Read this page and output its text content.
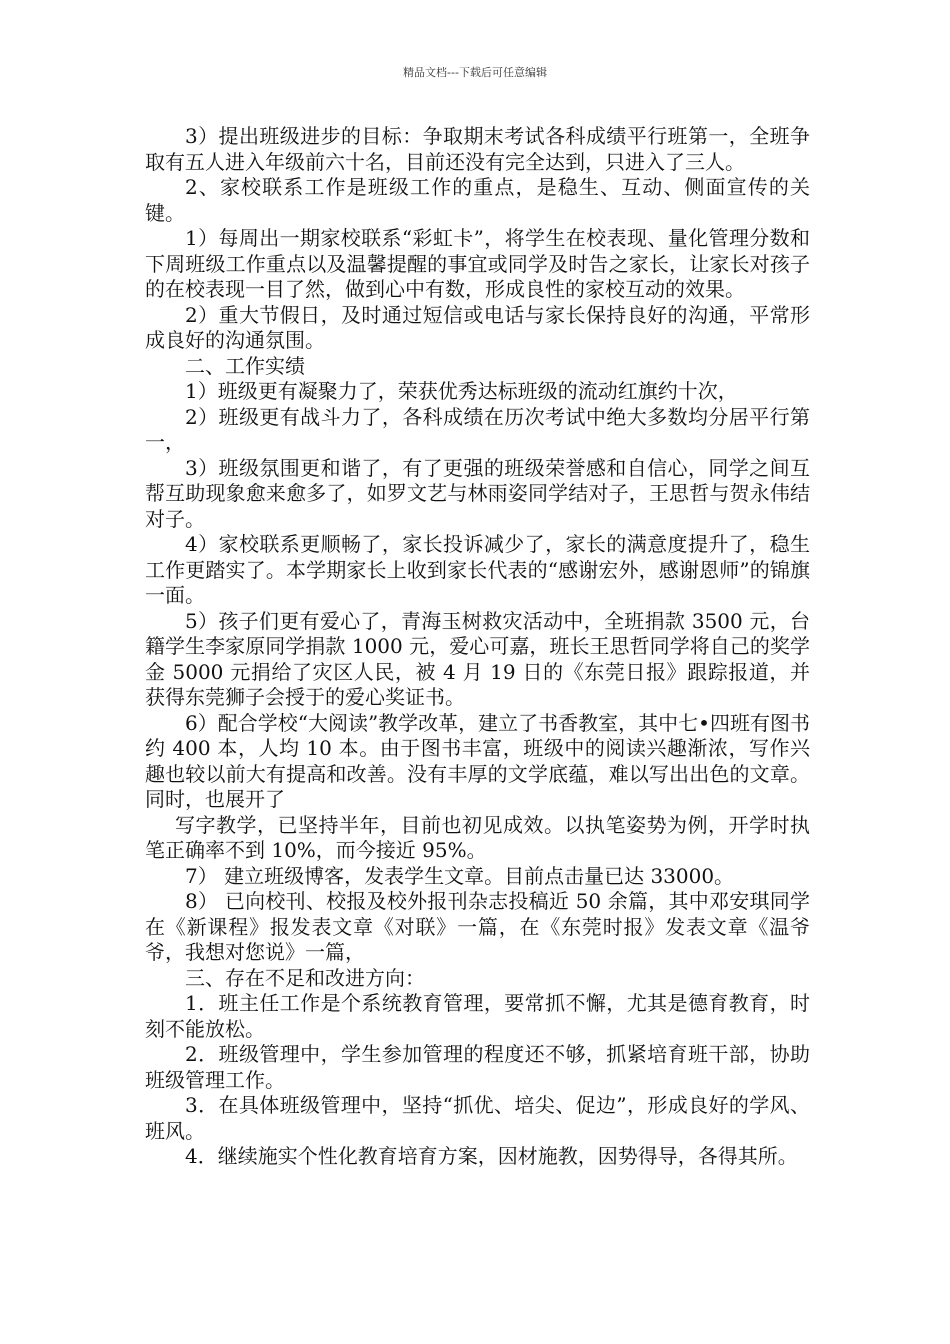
精品文档---下载后可任意编辑

3）提出班级进步的目标：争取期末考试各科成绩平行班第一，全班争取有五人进入年级前六十名，目前还没有完全达到，只进入了三人。

2、家校联系工作是班级工作的重点，是稳生、互动、侧面宣传的关键。

1）每周出一期家校联系“彩虹卡”，将学生在校表现、量化管理分数和下周班级工作重点以及温馨提醒的事宜或同学及时告之家长，让家长对孩子的在校表现一目了然，做到心中有数，形成良性的家校互动的效果。

2）重大节假日，及时通过短信或电话与家长保持良好的沟通，平常形成良好的沟通氛围。

二、工作实绩

1）班级更有凝聚力了，荣获优秀达标班级的流动红旗约十次，

2）班级更有战斗力了，各科成绩在历次考试中绝大多数均分居平行第一，

3）班级氛围更和谐了，有了更强的班级荣誉感和自信心，同学之间互帮互助现象愈来愈多了，如罗文艺与林雨姿同学结对子，王思哲与贺永伟结对子。

4）家校联系更顺畅了，家长投诉减少了，家长的满意度提升了，稳生工作更踏实了。本学期家长上收到家长代表的“感谢宏外，感谢恩师”的锦旗一面。

5）孩子们更有爱心了，青海玉树救灾活动中，全班捐款 3500 元，台籍学生李家原同学捐款 1000 元，爱心可嘉，班长王思哲同学将自己的奖学金 5000 元捐给了灾区人民，被 4 月 19 日的《东莞日报》跟踪报道，并获得东莞狮子会授于的爱心奖证书。

6）配合学校“大阅读”教学改革，建立了书香教室，其中七•四班有图书约 400 本，人均 10 本。由于图书丰富，班级中的阅读兴趣渐浓，写作兴趣也较以前大有提高和改善。没有丰厚的文学底蕴，难以写出出色的文章。同时，也展开了

写字教学，已坚持半年，目前也初见成效。以执笔姿势为例，开学时执笔正确率不到 10%，而今接近 95%。

7） 建立班级博客，发表学生文章。目前点击量已达 33000。

8） 已向校刊、校报及校外报刊杂志投稿近 50 余篇，其中邓安琪同学在《新课程》报发表文章《对联》一篇，在《东莞时报》发表文章《温爷爷，我想对您说》一篇，

三、存在不足和改进方向：

1．班主任工作是个系统教育管理，要常抓不懈，尤其是德育教育，时刻不能放松。

2．班级管理中，学生参加管理的程度还不够，抓紧培育班干部，协助班级管理工作。

3．在具体班级管理中，坚持“抓优、培尖、促边”，形成良好的学风、班风。

4．继续施实个性化教育培育方案，因材施教，因势得导，各得其所。
